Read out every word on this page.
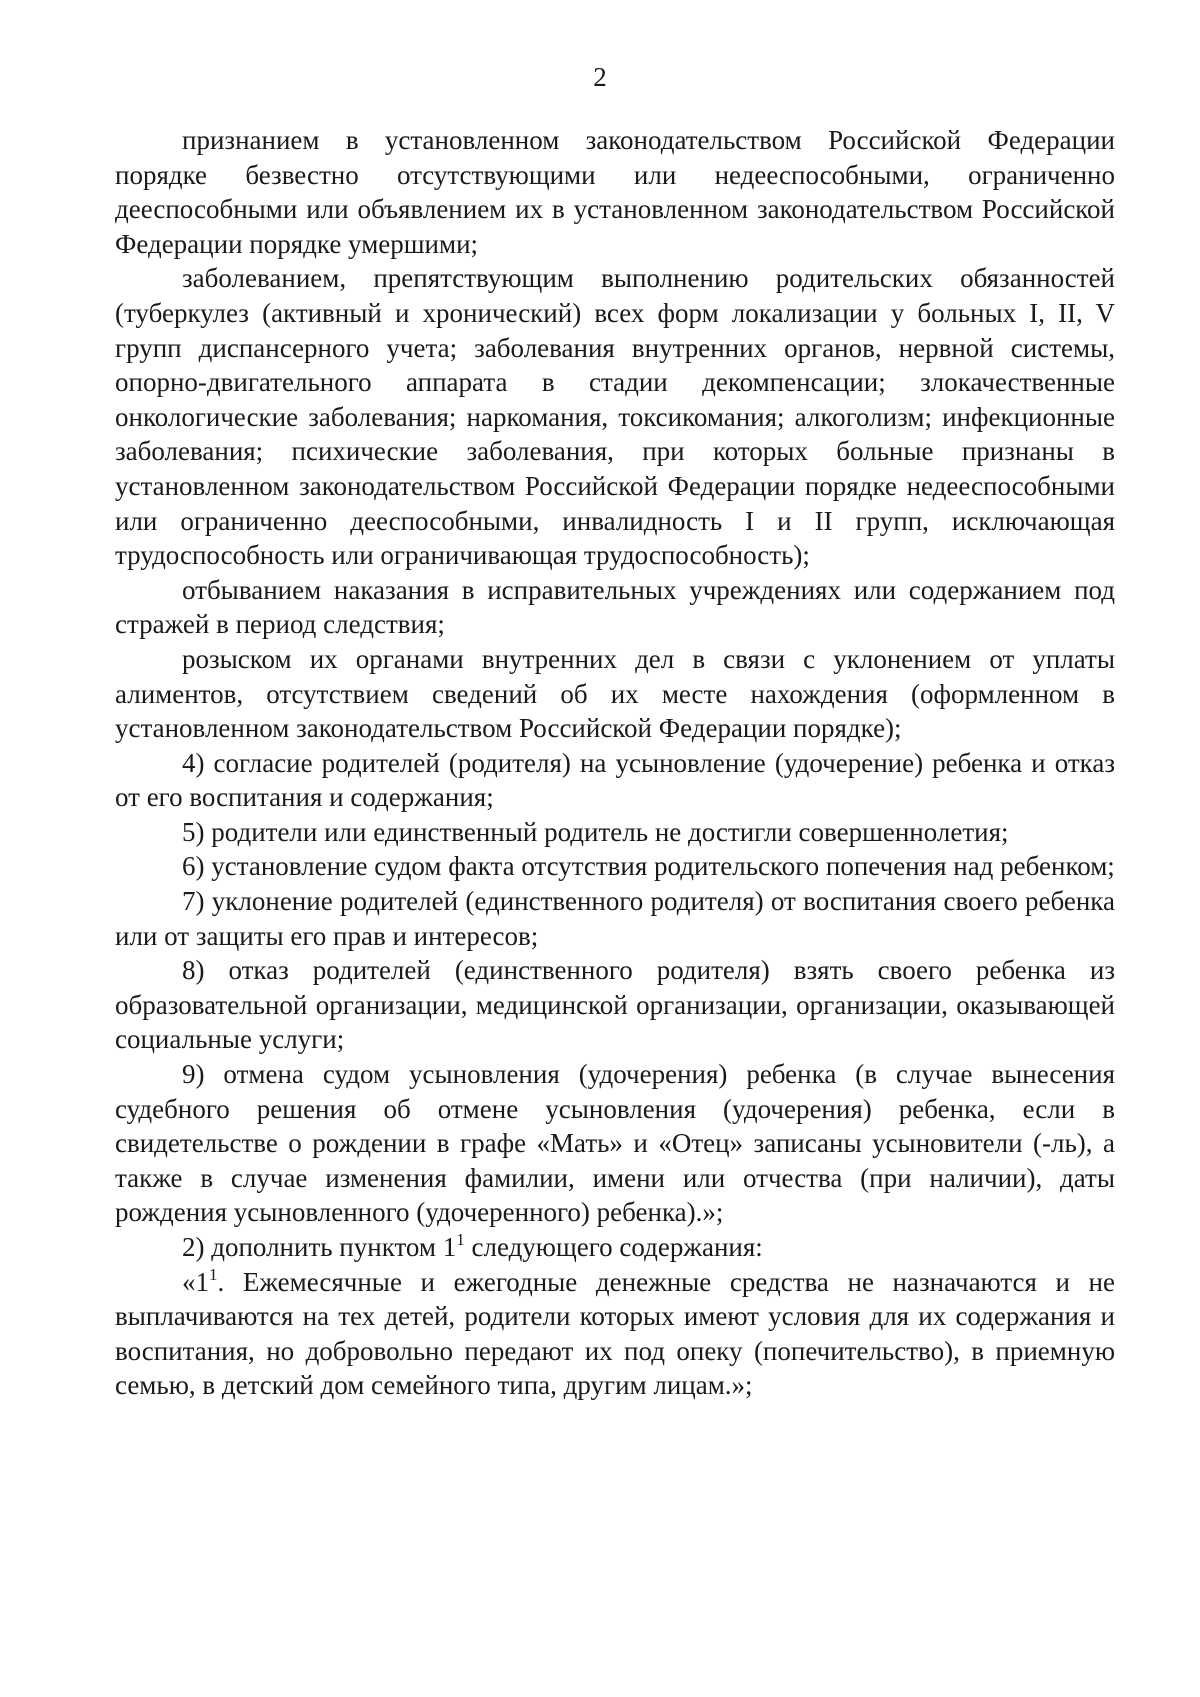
2

признанием в установленном законодательством Российской Федерации порядке безвестно отсутствующими или недееспособными, ограниченно дееспособными или объявлением их в установленном законодательством Российской Федерации порядке умершими;

заболеванием, препятствующим выполнению родительских обязанностей (туберкулез (активный и хронический) всех форм локализации у больных I, II, V групп диспансерного учета; заболевания внутренних органов, нервной системы, опорно-двигательного аппарата в стадии декомпенсации; злокачественные онкологические заболевания; наркомания, токсикомания; алкоголизм; инфекционные заболевания; психические заболевания, при которых больные признаны в установленном законодательством Российской Федерации порядке недееспособными или ограниченно дееспособными, инвалидность I и II групп, исключающая трудоспособность или ограничивающая трудоспособность);

отбыванием наказания в исправительных учреждениях или содержанием под стражей в период следствия;

розыском их органами внутренних дел в связи с уклонением от уплаты алиментов, отсутствием сведений об их месте нахождения (оформленном в установленном законодательством Российской Федерации порядке);

4) согласие родителей (родителя) на усыновление (удочерение) ребенка и отказ от его воспитания и содержания;

5) родители или единственный родитель не достигли совершеннолетия;

6) установление судом факта отсутствия родительского попечения над ребенком;

7) уклонение родителей (единственного родителя) от воспитания своего ребенка или от защиты его прав и интересов;

8) отказ родителей (единственного родителя) взять своего ребенка из образовательной организации, медицинской организации, организации, оказывающей социальные услуги;

9) отмена судом усыновления (удочерения) ребенка (в случае вынесения судебного решения об отмене усыновления (удочерения) ребенка, если в свидетельстве о рождении в графе «Мать» и «Отец» записаны усыновители (-ль), а также в случае изменения фамилии, имени или отчества (при наличии), даты рождения усыновленного (удочеренного) ребенка).»;

2) дополнить пунктом $1^1$ следующего содержания:

«$1^1$. Ежемесячные и ежегодные денежные средства не назначаются и не выплачиваются на тех детей, родители которых имеют условия для их содержания и воспитания, но добровольно передают их под опеку (попечительство), в приемную семью, в детский дом семейного типа, другим лицам.»;
